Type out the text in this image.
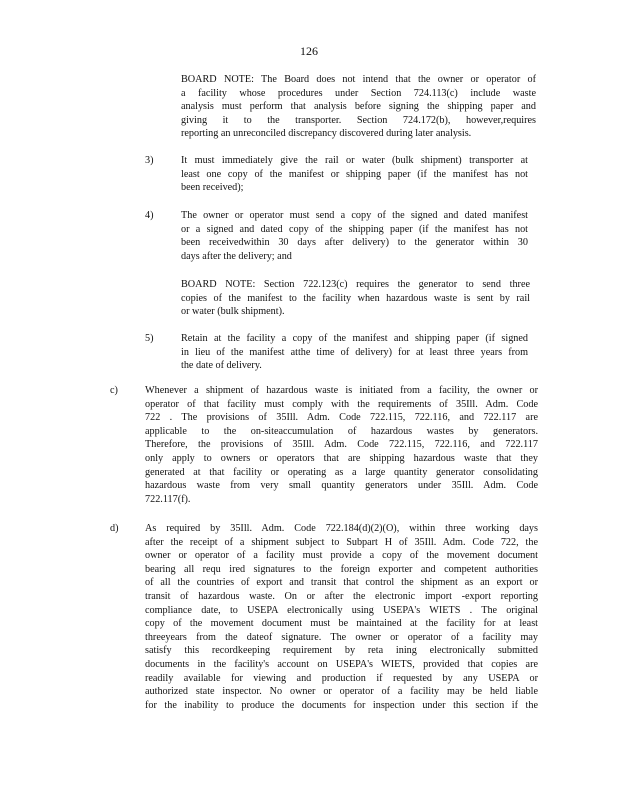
126
BOARD NOTE: The Board does not intend that the owner or operator of
a facility whose procedures under Section 724.113(c) include waste
analysis must perform that analysis before signing the shipping paper and
giving it to the transporter. Section 724.172(b), however,requires
reporting an unreconciled discrepancy discovered during later analysis.
3)	It must immediately give the rail or water (bulk shipment) transporter at
least one copy of the manifest or shipping paper (if the manifest has not
been received);
4)	The owner or operator must send a copy of the signed and dated manifest
or a signed and dated copy of the shipping paper (if the manifest has not
been receivedwithin 30 days after delivery) to the generator within 30
days after the delivery; and
BOARD NOTE: Section 722.123(c) requires the generator to send three
copies of the manifest to the facility when hazardous waste is sent by rail
or water (bulk shipment).
5)	Retain at the facility a copy of the manifest and shipping paper (if signed
in lieu of the manifest atthe time of delivery) for at least three years from
the date of delivery.
c)	Whenever a shipment of hazardous waste is initiated from a facility, the owner or
operator of that facility must comply with the requirements of 35Ill. Adm. Code
722 . The provisions of 35Ill. Adm. Code 722.115, 722.116, and 722.117 are
applicable to the on-siteaccumulation of hazardous wastes by generators.
Therefore, the provisions of 35Ill. Adm. Code 722.115, 722.116, and 722.117
only apply to owners or operators that are shipping hazardous waste that they
generated at that facility or operating as a large quantity generator consolidating
hazardous waste from very small quantity generators under 35Ill. Adm. Code
722.117(f).
d)	As required by 35Ill. Adm. Code 722.184(d)(2)(O), within three working days
after the receipt of a shipment subject to Subpart H of 35Ill. Adm. Code 722, the
owner or operator of a facility must provide a copy of the movement document
bearing all requ ired signatures to the foreign exporter and competent authorities
of all the countries of export and transit that control the shipment as an export or
transit of hazardous waste. On or after the electronic import -export reporting
compliance date, to USEPA electronically using USEPA's WIETS . The original
copy of the movement document must be maintained at the facility for at least
threeyears from the dateof signature. The owner or operator of a facility may
satisfy this recordkeeping requirement by reta ining electronically submitted
documents in the facility's account on USEPA's WIETS, provided that copies are
readily available for viewing and production if requested by any USEPA or
authorized state inspector. No owner or operator of a facility may be held liable
for the inability to produce the documents for inspection under this section if the
